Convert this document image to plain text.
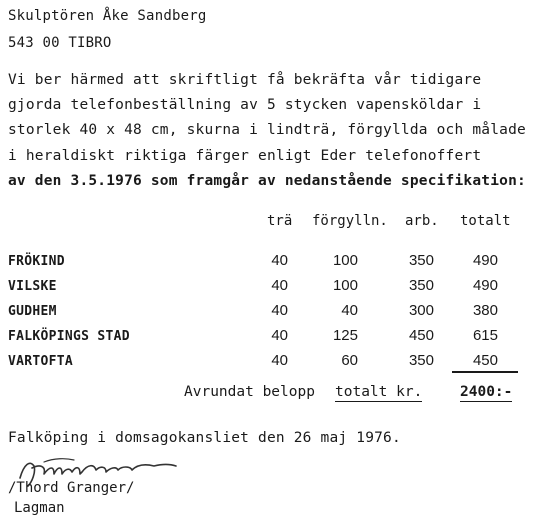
Skulptören Åke Sandberg
543 00 TIBRO
Vi ber härmed att skriftligt få bekräfta vår tidigare
gjorda telefonbeställning av 5 stycken vapensköldar i
storlek 40 x 48 cm, skurna i lindträ, förgyllda och målade
i heraldiskt riktiga färger enligt Eder telefonoffert
av den 3.5.1976 som framgår av nedanstående specifikation:
trä förgylln. arb. totalt
FRÖKIND	40	100	350	490
VILSKE	40	100	350	490
GUDHEM	40	40	300	380
FALKÖPINGS STAD	40	125	450	615
VARTOFTA	40	60	350	450
Avrundat belopp totalt kr.	2400:-
Falköping i domsagokansliet den 26 maj 1976.
/Thord Granger/
Lagman
